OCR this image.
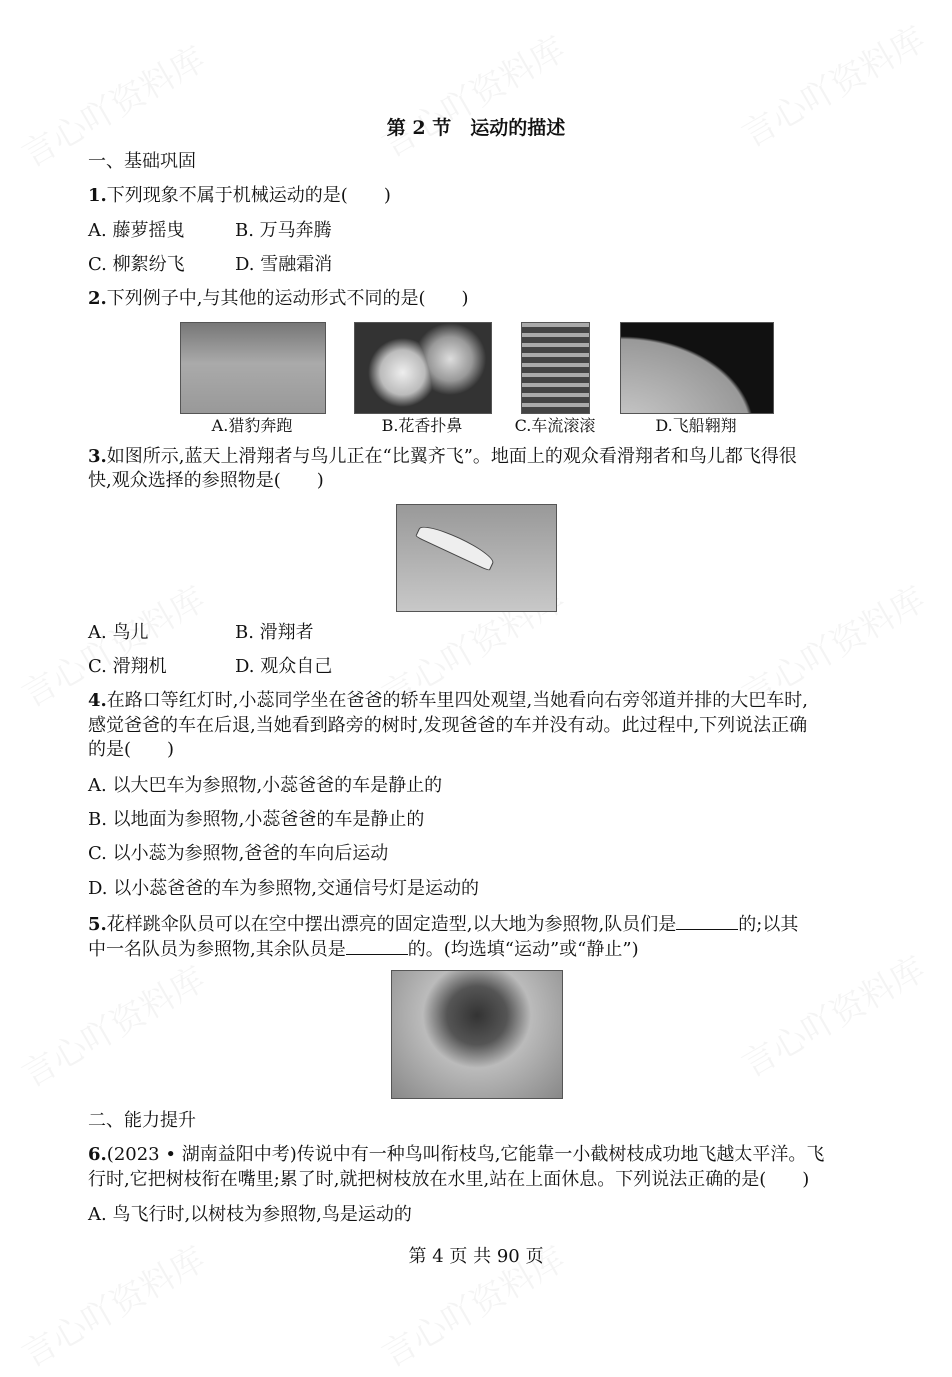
第 2 节　运动的描述
一、基础巩固
1.下列现象不属于机械运动的是(　　)
A. 藤萝摇曳	B. 万马奔腾
C. 柳絮纷飞	D. 雪融霜消
2.下列例子中,与其他的运动形式不同的是(　　)
A.猎豹奔跑	B.花香扑鼻	C.车流滚滚	D.飞船翱翔
3.如图所示,蓝天上滑翔者与鸟儿正在“比翼齐飞”。地面上的观众看滑翔者和鸟儿都飞得很
快,观众选择的参照物是(　　)
A. 鸟儿	B. 滑翔者
C. 滑翔机	D. 观众自己
4.在路口等红灯时,小蕊同学坐在爸爸的轿车里四处观望,当她看向右旁邻道并排的大巴车时,
感觉爸爸的车在后退,当她看到路旁的树时,发现爸爸的车并没有动。此过程中,下列说法正确
的是(　　)
A. 以大巴车为参照物,小蕊爸爸的车是静止的
B. 以地面为参照物,小蕊爸爸的车是静止的
C. 以小蕊为参照物,爸爸的车向后运动
D. 以小蕊爸爸的车为参照物,交通信号灯是运动的
5.花样跳伞队员可以在空中摆出漂亮的固定造型,以大地为参照物,队员们是	的;以其
中一名队员为参照物,其余队员是	的。(均选填“运动”或“静止”)
二、能力提升
6.(2023 • 湖南益阳中考)传说中有一种鸟叫衔枝鸟,它能靠一小截树枝成功地飞越太平洋。飞
行时,它把树枝衔在嘴里;累了时,就把树枝放在水里,站在上面休息。下列说法正确的是(　　)
A. 鸟飞行时,以树枝为参照物,鸟是运动的
第 4 页 共 90 页
